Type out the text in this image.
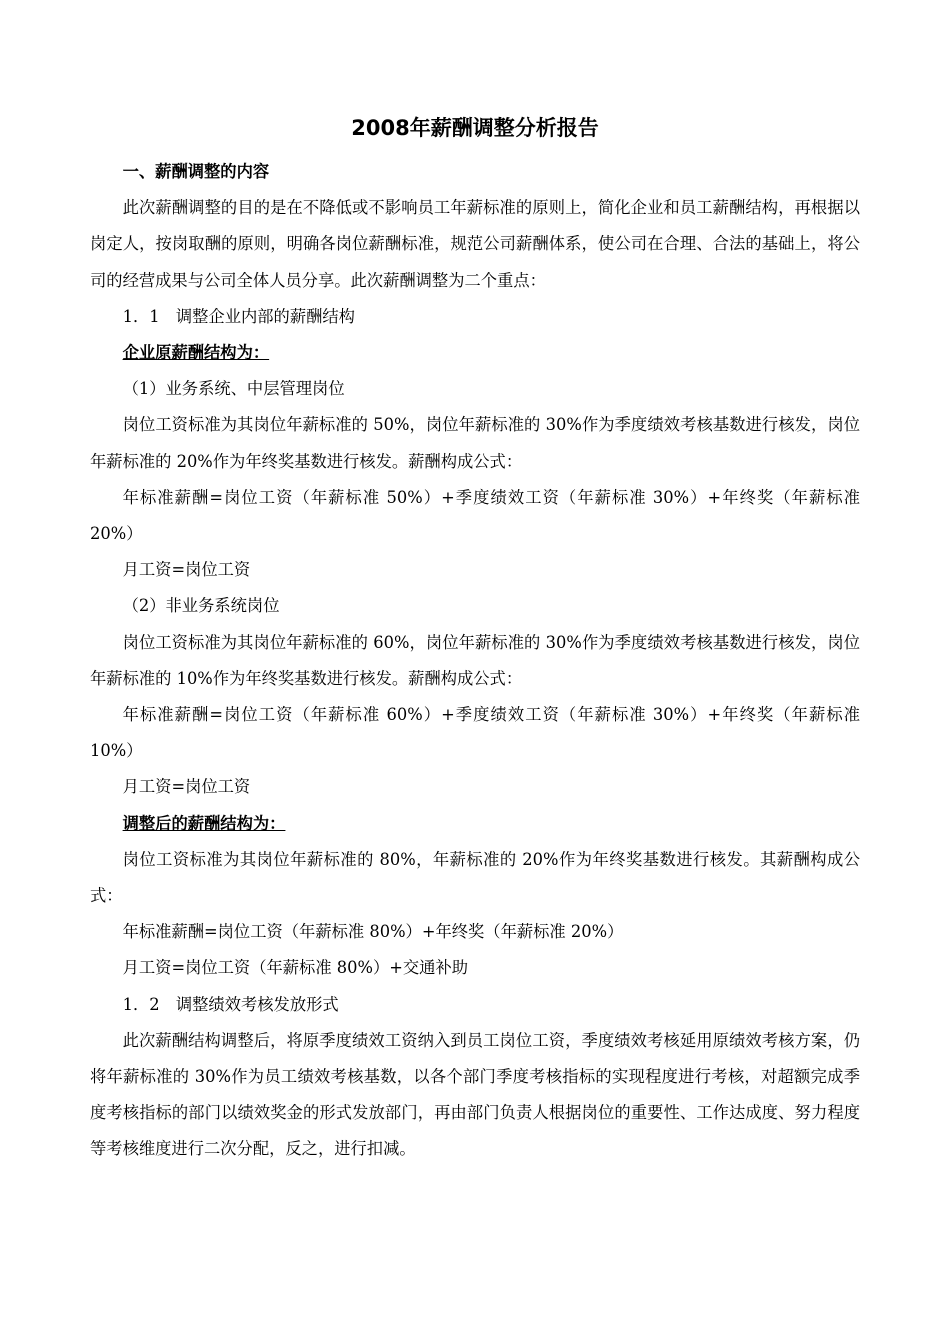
2008年薪酬调整分析报告

一、薪酬调整的内容

此次薪酬调整的目的是在不降低或不影响员工年薪标准的原则上，简化企业和员工薪酬结构，再根据以岗定人，按岗取酬的原则，明确各岗位薪酬标准，规范公司薪酬体系，使公司在合理、合法的基础上，将公司的经营成果与公司全体人员分享。此次薪酬调整为二个重点：

1．1　调整企业内部的薪酬结构

企业原薪酬结构为：

（1）业务系统、中层管理岗位

岗位工资标准为其岗位年薪标准的 50%，岗位年薪标准的 30%作为季度绩效考核基数进行核发，岗位年薪标准的 20%作为年终奖基数进行核发。薪酬构成公式：

年标准薪酬=岗位工资（年薪标准 50%）+季度绩效工资（年薪标准 30%）+年终奖（年薪标准 20%）

月工资=岗位工资

（2）非业务系统岗位

岗位工资标准为其岗位年薪标准的 60%，岗位年薪标准的 30%作为季度绩效考核基数进行核发，岗位年薪标准的 10%作为年终奖基数进行核发。薪酬构成公式：

年标准薪酬=岗位工资（年薪标准 60%）+季度绩效工资（年薪标准 30%）+年终奖（年薪标准 10%）

月工资=岗位工资

调整后的薪酬结构为：

岗位工资标准为其岗位年薪标准的 80%，年薪标准的 20%作为年终奖基数进行核发。其薪酬构成公式：

年标准薪酬=岗位工资（年薪标准 80%）+年终奖（年薪标准 20%）

月工资=岗位工资（年薪标准 80%）+交通补助

1．2　调整绩效考核发放形式

此次薪酬结构调整后，将原季度绩效工资纳入到员工岗位工资，季度绩效考核延用原绩效考核方案，仍将年薪标准的 30%作为员工绩效考核基数，以各个部门季度考核指标的实现程度进行考核，对超额完成季度考核指标的部门以绩效奖金的形式发放部门，再由部门负责人根据岗位的重要性、工作达成度、努力程度等考核维度进行二次分配，反之，进行扣减。
